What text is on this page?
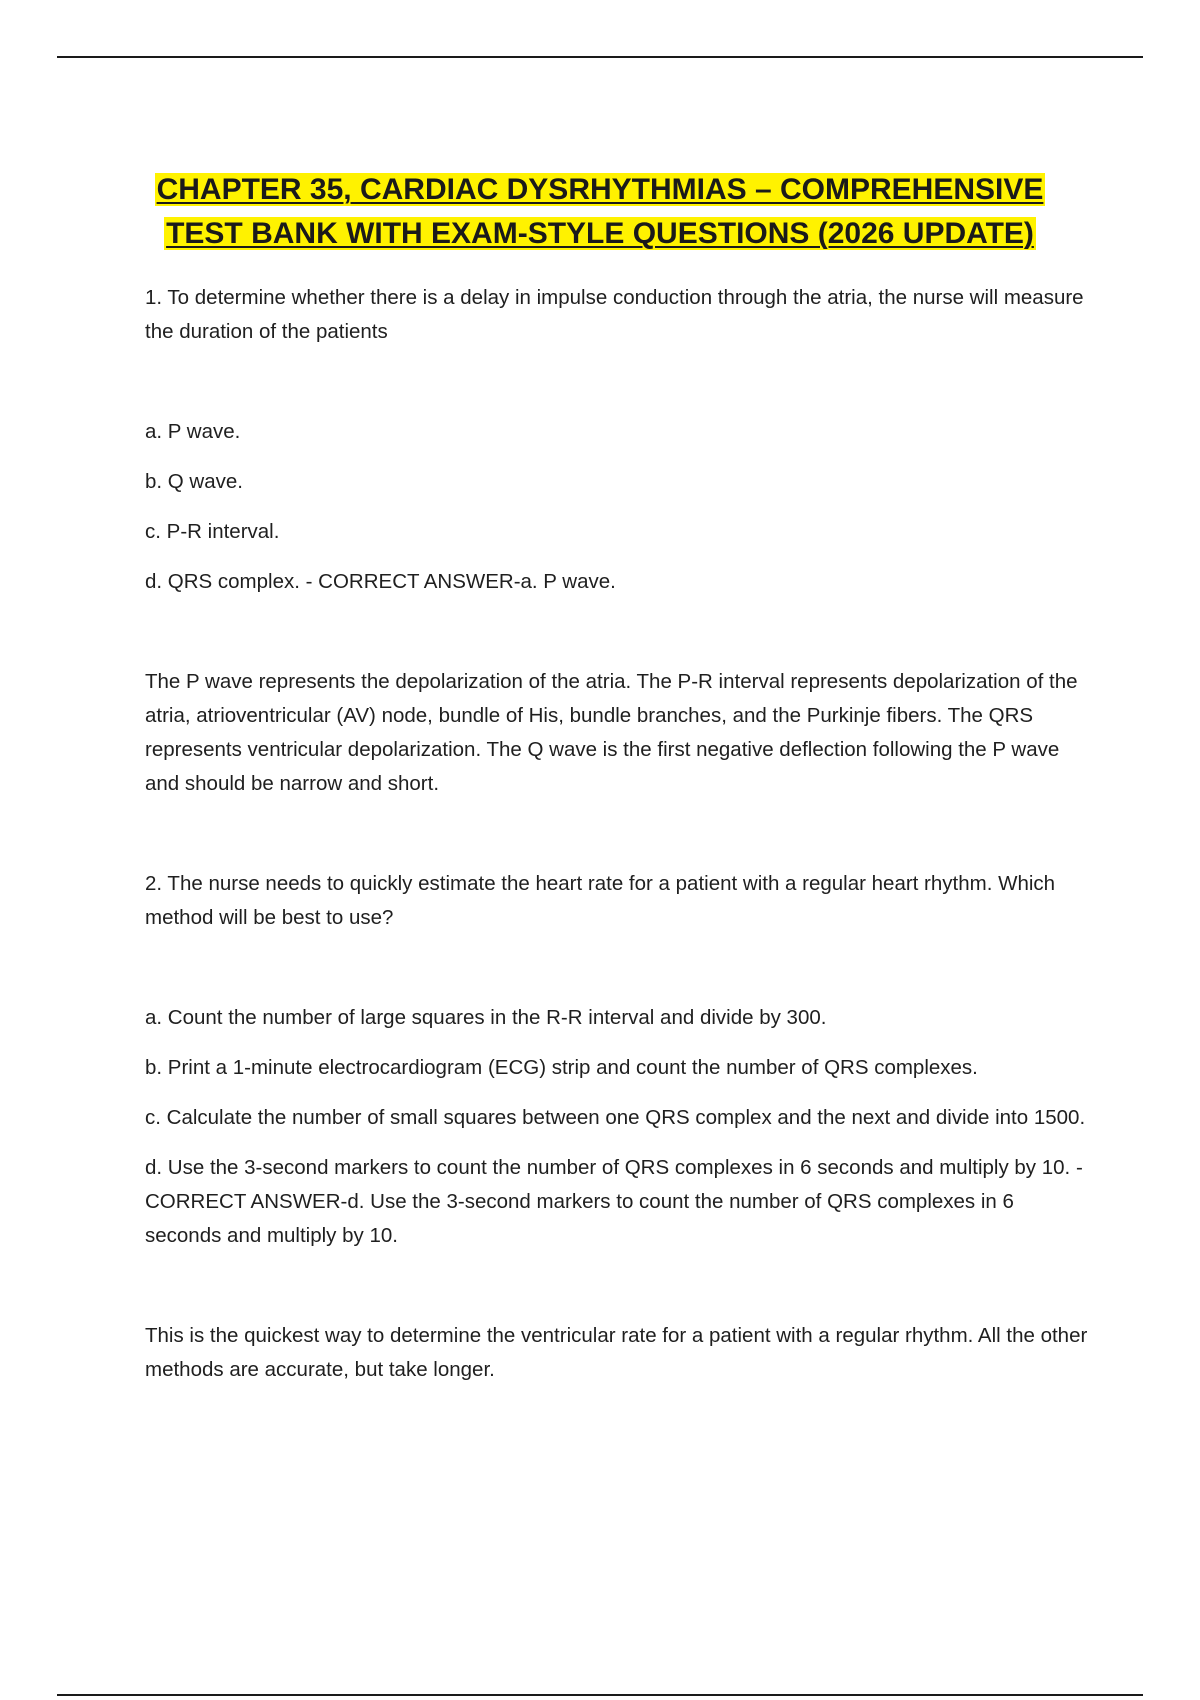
CHAPTER 35, CARDIAC DYSRHYTHMIAS – COMPREHENSIVE
TEST BANK WITH EXAM-STYLE QUESTIONS (2026 UPDATE)

1. To determine whether there is a delay in impulse conduction through the atria, the nurse will measure the duration of the patients

a. P wave.

b. Q wave.

c. P-R interval.

d. QRS complex. - CORRECT ANSWER-a. P wave.

The P wave represents the depolarization of the atria. The P-R interval represents depolarization of the atria, atrioventricular (AV) node, bundle of His, bundle branches, and the Purkinje fibers. The QRS represents ventricular depolarization. The Q wave is the first negative deflection following the P wave and should be narrow and short.

2. The nurse needs to quickly estimate the heart rate for a patient with a regular heart rhythm. Which method will be best to use?

a. Count the number of large squares in the R-R interval and divide by 300.

b. Print a 1-minute electrocardiogram (ECG) strip and count the number of QRS complexes.

c. Calculate the number of small squares between one QRS complex and the next and divide into 1500.

d. Use the 3-second markers to count the number of QRS complexes in 6 seconds and multiply by 10. - CORRECT ANSWER-d. Use the 3-second markers to count the number of QRS complexes in 6 seconds and multiply by 10.

This is the quickest way to determine the ventricular rate for a patient with a regular rhythm. All the other methods are accurate, but take longer.
